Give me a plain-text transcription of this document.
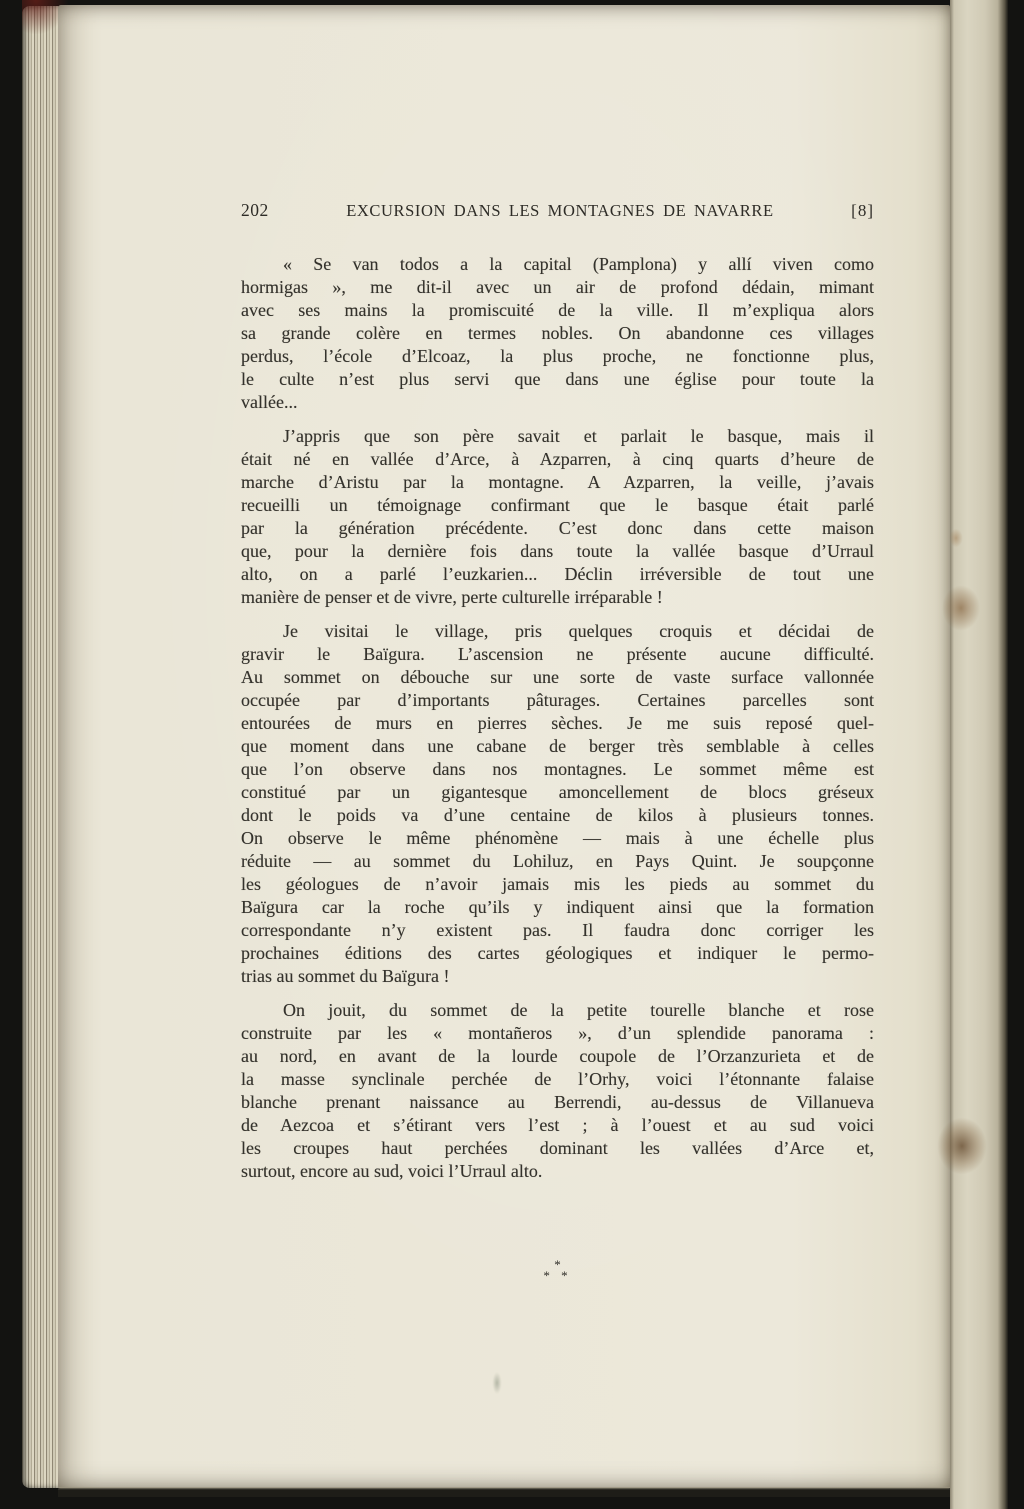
202	EXCURSION DANS LES MONTAGNES DE NAVARRE	[8]
« Se van todos a la capital (Pamplona) y allí viven como
hormigas », me dit-il avec un air de profond dédain, mimant
avec ses mains la promiscuité de la ville. Il m’expliqua alors
sa grande colère en termes nobles. On abandonne ces villages
perdus, l’école d’Elcoaz, la plus proche, ne fonctionne plus,
le culte n’est plus servi que dans une église pour toute la
vallée...
J’appris que son père savait et parlait le basque, mais il
était né en vallée d’Arce, à Azparren, à cinq quarts d’heure de
marche d’Aristu par la montagne. A Azparren, la veille, j’avais
recueilli un témoignage confirmant que le basque était parlé
par la génération précédente. C’est donc dans cette maison
que, pour la dernière fois dans toute la vallée basque d’Urraul
alto, on a parlé l’euzkarien... Déclin irréversible de tout une
manière de penser et de vivre, perte culturelle irréparable !
Je visitai le village, pris quelques croquis et décidai de
gravir le Baïgura. L’ascension ne présente aucune difficulté.
Au sommet on débouche sur une sorte de vaste surface vallonnée
occupée par d’importants pâturages. Certaines parcelles sont
entourées de murs en pierres sèches. Je me suis reposé quel-
que moment dans une cabane de berger très semblable à celles
que l’on observe dans nos montagnes. Le sommet même est
constitué par un gigantesque amoncellement de blocs gréseux
dont le poids va d’une centaine de kilos à plusieurs tonnes.
On observe le même phénomène — mais à une échelle plus
réduite — au sommet du Lohiluz, en Pays Quint. Je soupçonne
les géologues de n’avoir jamais mis les pieds au sommet du
Baïgura car la roche qu’ils y indiquent ainsi que la formation
correspondante n’y existent pas. Il faudra donc corriger les
prochaines éditions des cartes géologiques et indiquer le permo-
trias au sommet du Baïgura !
On jouit, du sommet de la petite tourelle blanche et rose
construite par les « montañeros », d’un splendide panorama :
au nord, en avant de la lourde coupole de l’Orzanzurieta et de
la masse synclinale perchée de l’Orhy, voici l’étonnante falaise
blanche prenant naissance au Berrendi, au-dessus de Villanueva
de Aezcoa et s’étirant vers l’est ; à l’ouest et au sud voici
les croupes haut perchées dominant les vallées d’Arce et,
surtout, encore au sud, voici l’Urraul alto.
*
* *
